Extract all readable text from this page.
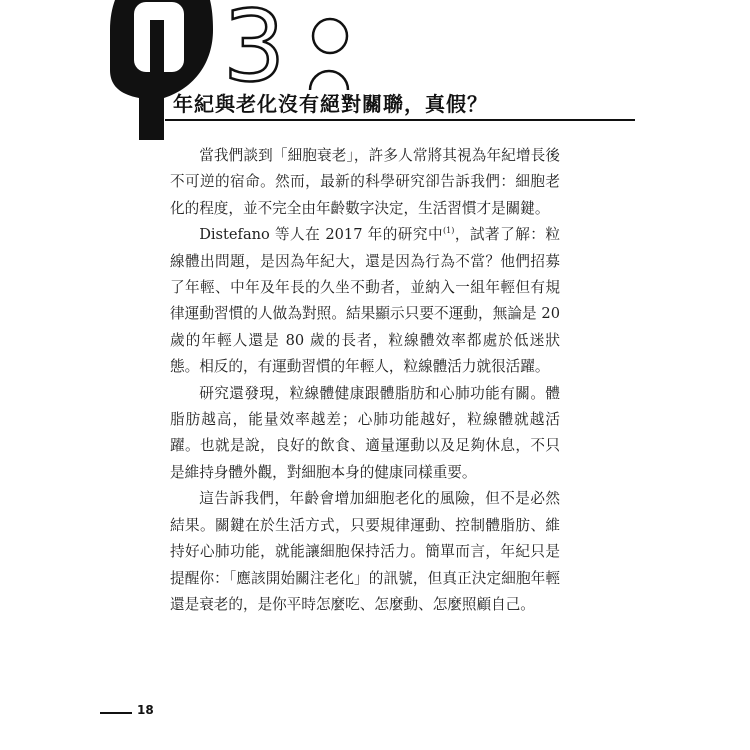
3
年紀與老化沒有絕對關聯，真假？

當我們談到「細胞衰老」，許多人常將其視為年紀增長後不可逆的宿命。然而，最新的科學研究卻告訴我們：細胞老化的程度，並不完全由年齡數字決定，生活習慣才是關鍵。

Distefano 等人在 2017 年的研究中$^{(1)}$，試著了解：粒線體出問題，是因為年紀大，還是因為行為不當？他們招募了年輕、中年及年長的久坐不動者，並納入一組年輕但有規律運動習慣的人做為對照。結果顯示只要不運動，無論是 20 歲的年輕人還是 80 歲的長者，粒線體效率都處於低迷狀態。相反的，有運動習慣的年輕人，粒線體活力就很活躍。

研究還發現，粒線體健康跟體脂肪和心肺功能有關。體脂肪越高，能量效率越差；心肺功能越好，粒線體就越活躍。也就是說，良好的飲食、適量運動以及足夠休息，不只是維持身體外觀，對細胞本身的健康同樣重要。

這告訴我們，年齡會增加細胞老化的風險，但不是必然結果。關鍵在於生活方式，只要規律運動、控制體脂肪、維持好心肺功能，就能讓細胞保持活力。簡單而言，年紀只是提醒你：「應該開始關注老化」的訊號，但真正決定細胞年輕還是衰老的，是你平時怎麼吃、怎麼動、怎麼照顧自己。

18
